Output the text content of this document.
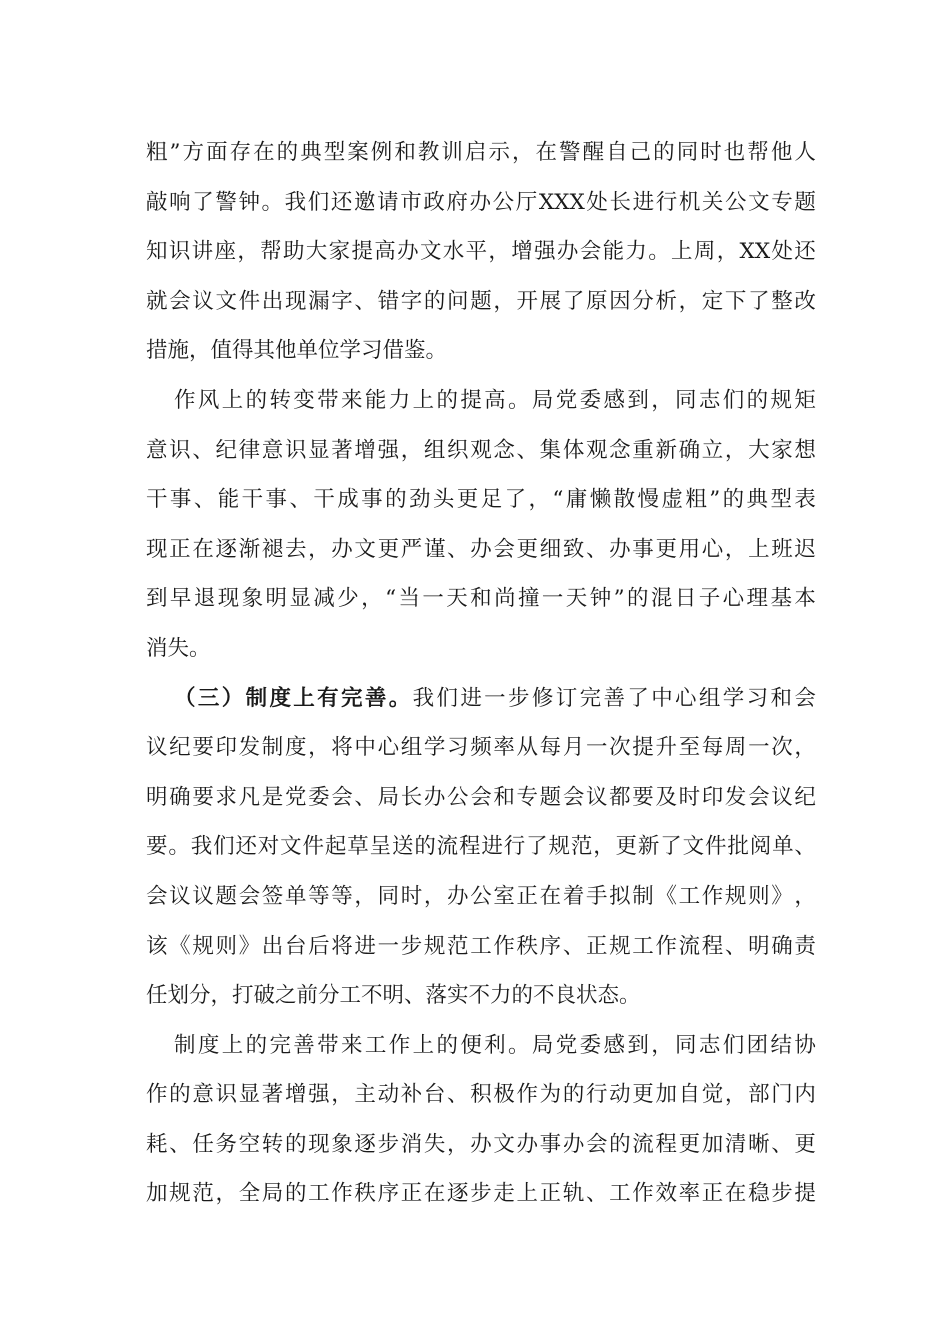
粗 ” 方 面 存 在 的 典 型 案 例 和 教 训 启 示 ， 在 警 醒 自 己 的 同 时 也 帮 他 人
敲 响 了 警 钟 。 我 们 还 邀 请 市 政 府 办 公 厅 XXX 处 长 进 行 机 关 公 文 专 题
知 识 讲 座 ， 帮 助 大 家 提 高 办 文 水 平 ， 增 强 办 会 能 力 。 上 周 ， XX 处 还
就 会 议 文 件 出 现 漏 字 、 错 字 的 问 题 ， 开 展 了 原 因 分 析 ， 定 下 了 整 改
措施，值得其他单位学习借鉴。
作 风 上 的 转 变 带 来 能 力 上 的 提 高 。 局 党 委 感 到 ， 同 志 们 的 规 矩
意 识 、 纪 律 意 识 显 著 增 强 ， 组 织 观 念 、 集 体 观 念 重 新 确 立 ， 大 家 想
干 事 、 能 干 事 、 干 成 事 的 劲 头 更 足 了 ， “ 庸 懒 散 慢 虚 粗 ” 的 典 型 表
现 正 在 逐 渐 褪 去 ， 办 文 更 严 谨 、 办 会 更 细 致 、 办 事 更 用 心 ， 上 班 迟
到 早 退 现 象 明 显 减 少 ， “ 当 一 天 和 尚 撞 一 天 钟 ” 的 混 日 子 心 理 基 本
消失。
（ 三 ） 制 度 上 有 完 善 。 我 们 进 一 步 修 订 完 善 了 中 心 组 学 习 和 会
议 纪 要 印 发 制 度 ， 将 中 心 组 学 习 频 率 从 每 月 一 次 提 升 至 每 周 一 次 ，
明 确 要 求 凡 是 党 委 会 、 局 长 办 公 会 和 专 题 会 议 都 要 及 时 印 发 会 议 纪
要 。 我 们 还 对 文 件 起 草 呈 送 的 流 程 进 行 了 规 范 ， 更 新 了 文 件 批 阅 单 、
会 议 议 题 会 签 单 等 等 ， 同 时 ， 办 公 室 正 在 着 手 拟 制 《 工 作 规 则 》 ，
该 《 规 则 》 出 台 后 将 进 一 步 规 范 工 作 秩 序 、 正 规 工 作 流 程 、 明 确 责
任划分，打破之前分工不明、落实不力的不良状态。
制 度 上 的 完 善 带 来 工 作 上 的 便 利 。 局 党 委 感 到 ， 同 志 们 团 结 协
作 的 意 识 显 著 增 强 ， 主 动 补 台 、 积 极 作 为 的 行 动 更 加 自 觉 ， 部 门 内
耗 、 任 务 空 转 的 现 象 逐 步 消 失 ， 办 文 办 事 办 会 的 流 程 更 加 清 晰 、 更
加 规 范 ， 全 局 的 工 作 秩 序 正 在 逐 步 走 上 正 轨 、 工 作 效 率 正 在 稳 步 提
